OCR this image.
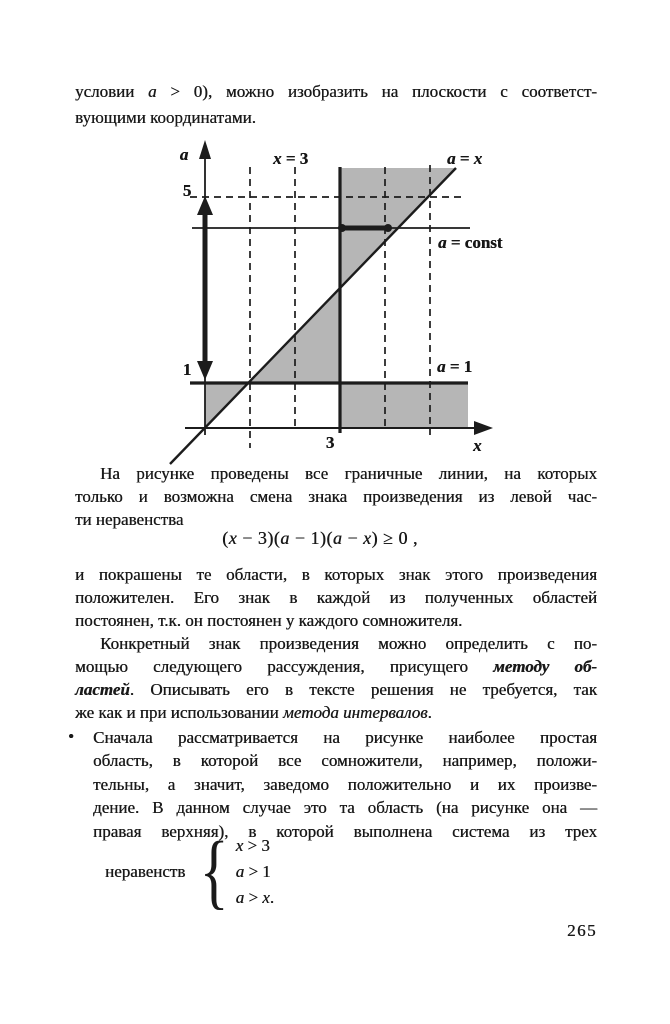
условии a > 0), можно изобразить на плоскости с соответст-
вующими координатами.
a
5
x = 3	a = x
a = const
a = 1
1
3	x
На рисунке проведены все граничные линии, на которых
только и возможна смена знака произведения из левой час-
ти неравенства
(x − 3)(a − 1)(a − x) ≥ 0 ,
и покрашены те области, в которых знак этого произведения
положителен. Его знак в каждой из полученных областей
постоянен, т.к. он постоянен у каждого сомножителя.
Конкретный знак произведения можно определить с по-
мощью следующего рассуждения, присущего методу об-
ластей. Описывать его в тексте решения не требуется, так
же как и при использовании метода интервалов.
• Сначала рассматривается на рисунке наиболее простая
область, в которой все сомножители, например, положи-
тельны, а значит, заведомо положительно и их произве-
дение. В данном случае это та область (на рисунке она —
правая верхняя), в которой выполнена система из трех
неравенств { x > 3
a > 1
a > x.
265
